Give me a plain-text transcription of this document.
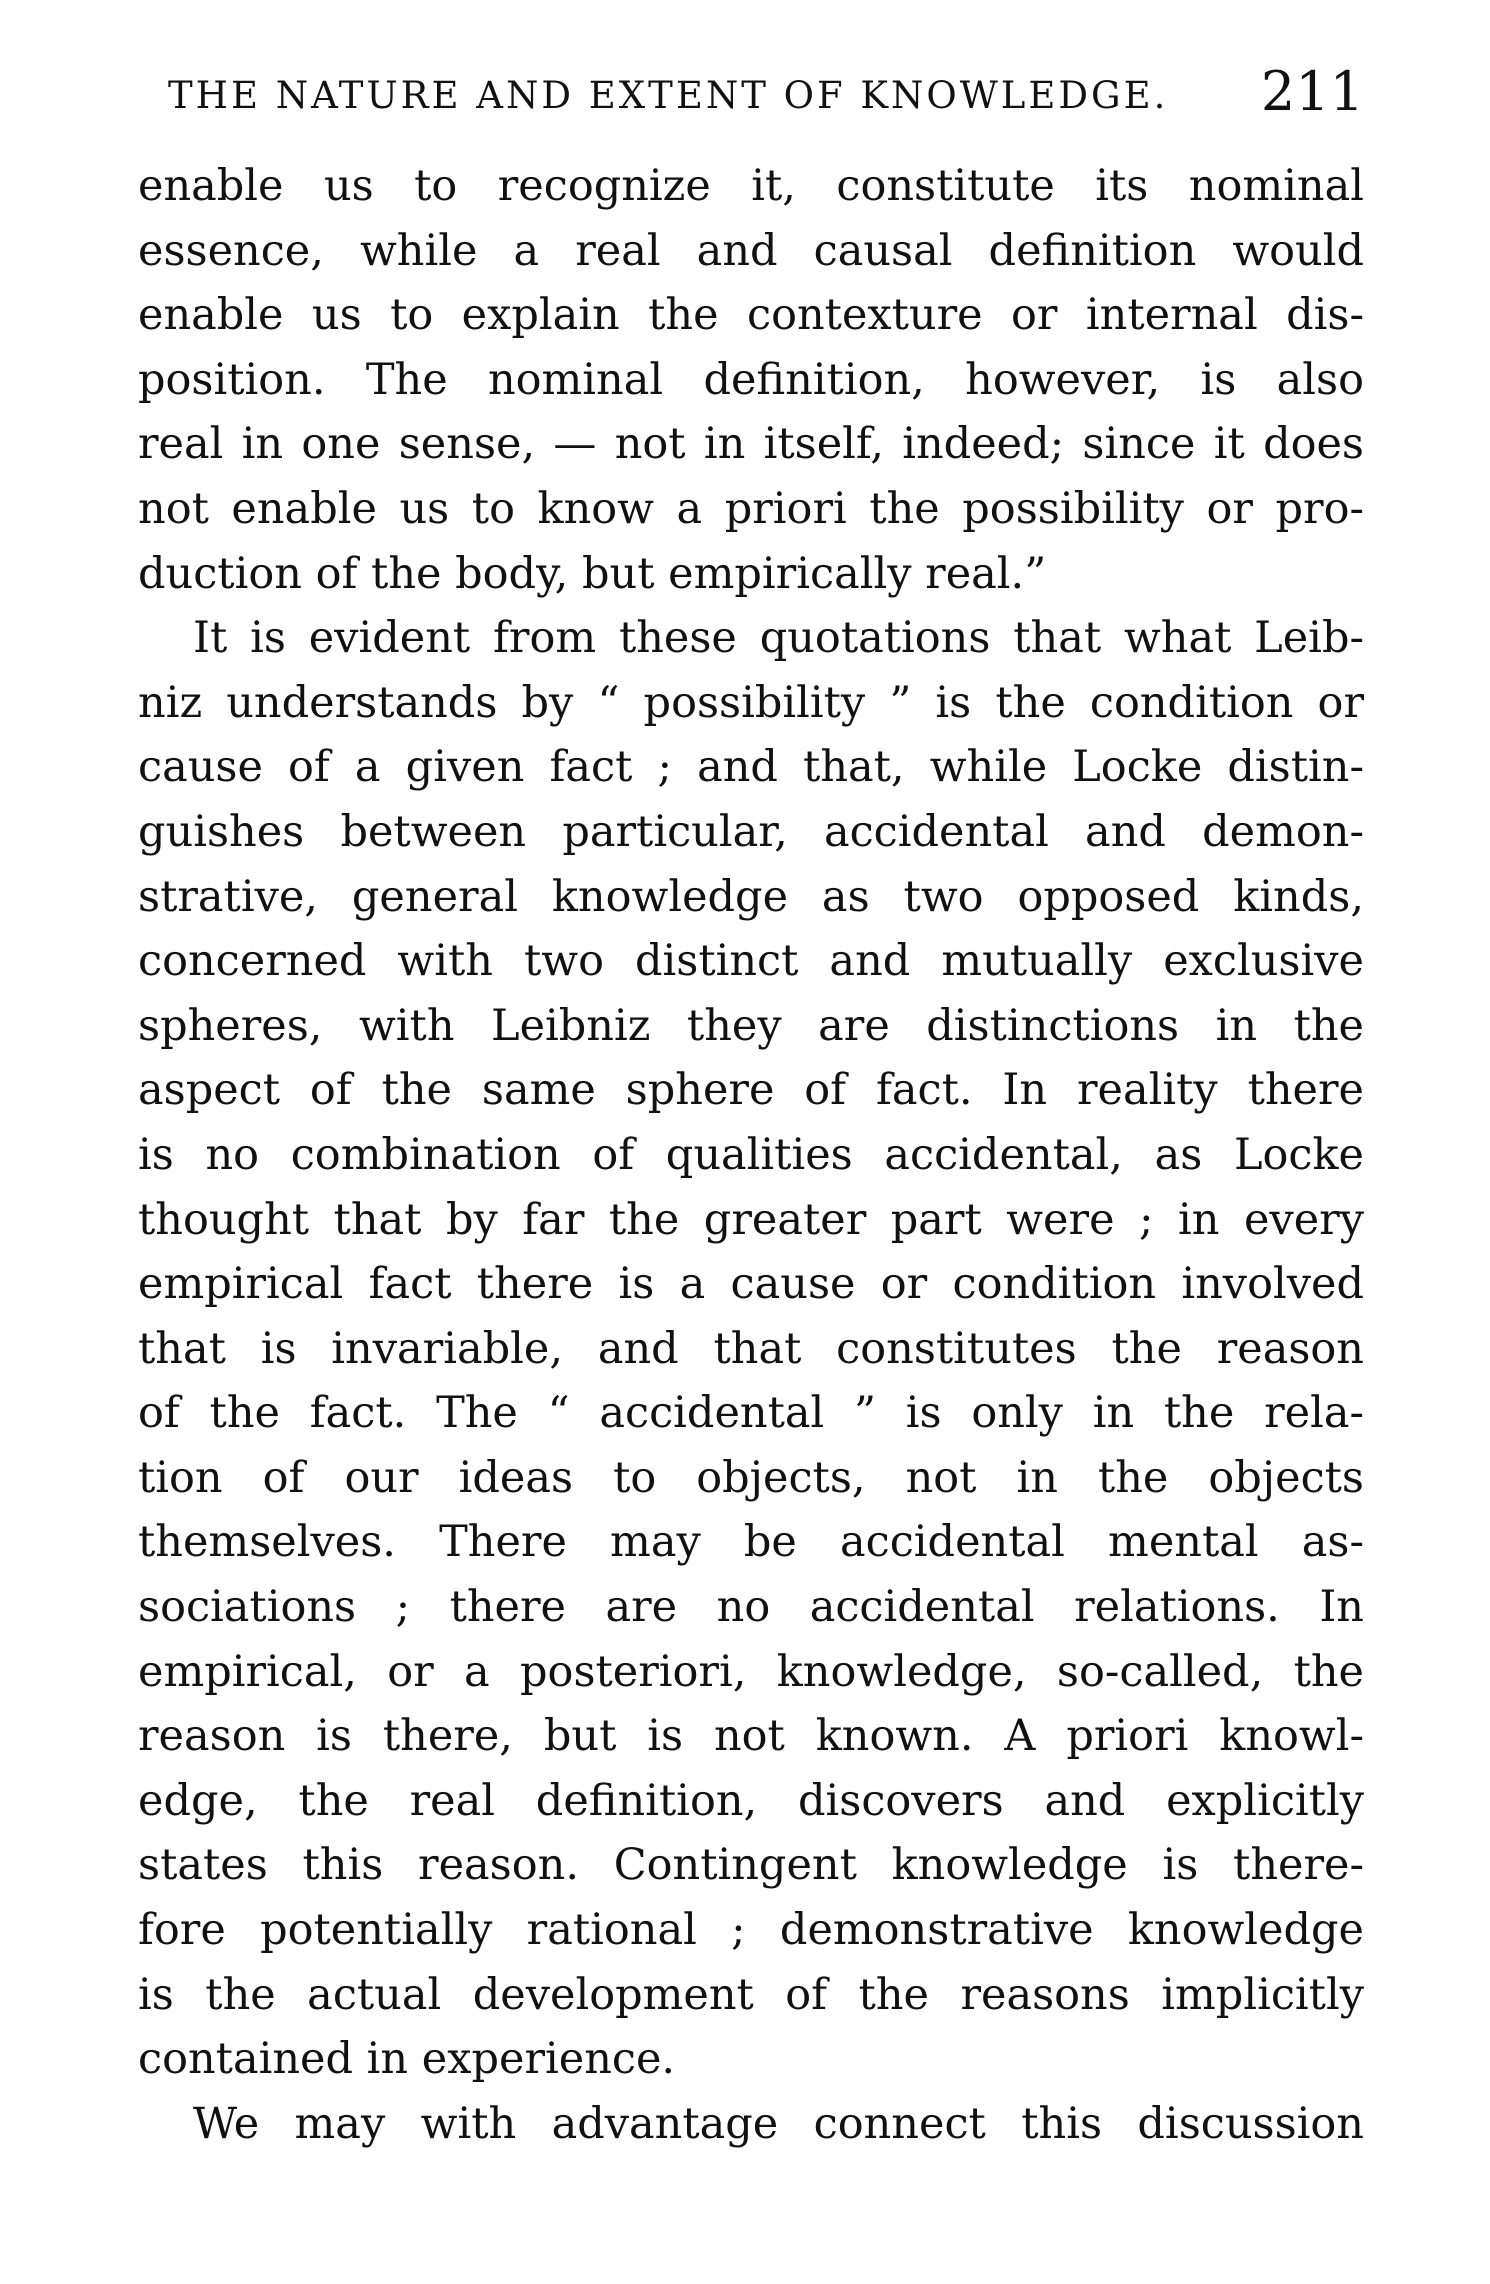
THE NATURE AND EXTENT OF KNOWLEDGE. 211
enable us to recognize it, constitute its nominal
essence, while a real and causal definition would
enable us to explain the contexture or internal dis-
position. The nominal definition, however, is also
real in one sense, — not in itself, indeed; since it does
not enable us to know a priori the possibility or pro-
duction of the body, but empirically real.”
It is evident from these quotations that what Leib-
niz understands by “ possibility ” is the condition or
cause of a given fact ; and that, while Locke distin-
guishes between particular, accidental and demon-
strative, general knowledge as two opposed kinds,
concerned with two distinct and mutually exclusive
spheres, with Leibniz they are distinctions in the
aspect of the same sphere of fact. In reality there
is no combination of qualities accidental, as Locke
thought that by far the greater part were ; in every
empirical fact there is a cause or condition involved
that is invariable, and that constitutes the reason
of the fact. The “ accidental ” is only in the rela-
tion of our ideas to objects, not in the objects
themselves. There may be accidental mental as-
sociations ; there are no accidental relations. In
empirical, or a posteriori, knowledge, so-called, the
reason is there, but is not known. A priori knowl-
edge, the real definition, discovers and explicitly
states this reason. Contingent knowledge is there-
fore potentially rational ; demonstrative knowledge
is the actual development of the reasons implicitly
contained in experience.
We may with advantage connect this discussion
